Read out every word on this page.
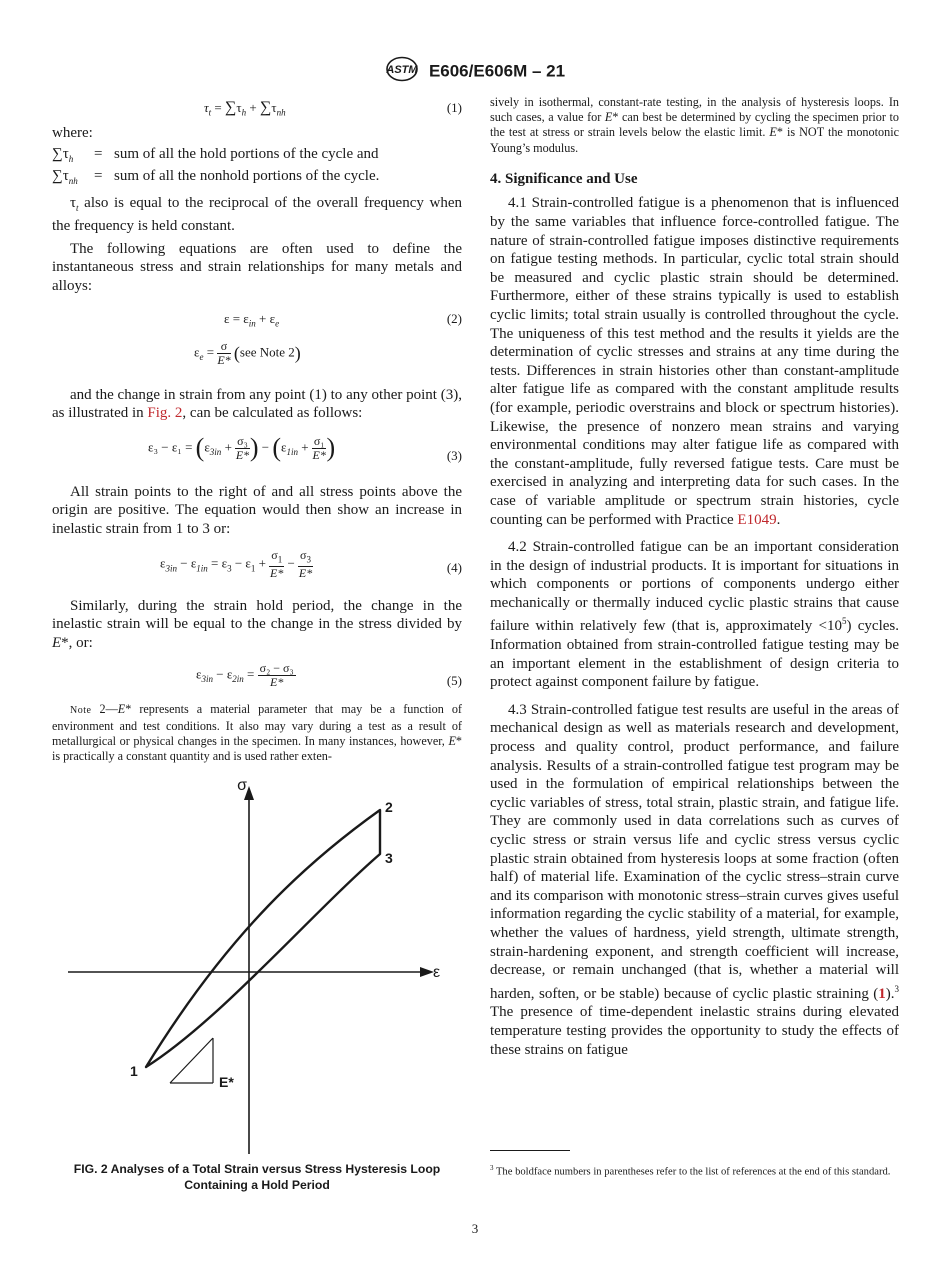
ASTM E606/E606M – 21
$\tau_t = \sum\tau_h + \sum\tau_{nh}$	(1)

where:

$\sum\tau_h$	=	sum of all the hold portions of the cycle and
$\sum\tau_{nh}$	=	sum of all the nonhold portions of the cycle.

$\tau_t$ also is equal to the reciprocal of the overall frequency when the frequency is held constant.

The following equations are often used to define the instantaneous stress and strain relationships for many metals and alloys:

$\varepsilon = \varepsilon_{in} + \varepsilon_e$	(2)
$\varepsilon_e = \frac{\sigma}{E*} (see$ Note 2)

and the change in strain from any point (1) to any other point (3), as illustrated in Fig. 2, can be calculated as follows:

$\varepsilon_3 - \varepsilon_1 = (\varepsilon_{3in} + \frac{\text{σ₃}}{E*}$ ) − ($\varepsilon_{1in} + \frac{\text{σ₁}}{E*}$ )	(3)

All strain points to the right of and all stress points above the origin are positive. The equation would then show an increase in inelastic strain from 1 to 3 or:

$\varepsilon_{3in} - \varepsilon_{1in} = \varepsilon_3 - \varepsilon_1 + \frac{\sigma_1}{E*} - \frac{\sigma_3}{E*}$	(4)

Similarly, during the strain hold period, the change in the inelastic strain will be equal to the change in the stress divided by E*, or:

$\varepsilon_{3in} - \varepsilon_{2in} = \frac{\text{σ₂ − σ₃}}{E*}$	(5)

Note 2—E* represents a material parameter that may be a function of environment and test conditions. It also may vary during a test as a result of metallurgical or physical changes in the specimen. In many instances, however, E* is practically a constant quantity and is used rather exten-

σ
ε
2
3
1
E*
FIG. 2 Analyses of a Total Strain versus Stress Hysteresis Loop
Containing a Hold Period

sively in isothermal, constant-rate testing, in the analysis of hysteresis loops. In such cases, a value for E* can best be determined by cycling the specimen prior to the test at stress or strain levels below the elastic limit. E* is NOT the monotonic Young’s modulus.

4. Significance and Use

4.1 Strain-controlled fatigue is a phenomenon that is influenced by the same variables that influence force-controlled fatigue. The nature of strain-controlled fatigue imposes distinctive requirements on fatigue testing methods. In particular, cyclic total strain should be measured and cyclic plastic strain should be determined. Furthermore, either of these strains typically is used to establish cyclic limits; total strain usually is controlled throughout the cycle. The uniqueness of this test method and the results it yields are the determination of cyclic stresses and strains at any time during the tests. Differences in strain histories other than constant-amplitude alter fatigue life as compared with the constant amplitude results (for example, periodic overstrains and block or spectrum histories). Likewise, the presence of nonzero mean strains and varying environmental conditions may alter fatigue life as compared with the constant-amplitude, fully reversed fatigue tests. Care must be exercised in analyzing and interpreting data for such cases. In the case of variable amplitude or spectrum strain histories, cycle counting can be performed with Practice E1049.

4.2 Strain-controlled fatigue can be an important consideration in the design of industrial products. It is important for situations in which components or portions of components undergo either mechanically or thermally induced cyclic plastic strains that cause failure within relatively few (that is, approximately $<10^5$) cycles. Information obtained from strain-controlled fatigue testing may be an important element in the establishment of design criteria to protect against component failure by fatigue.

4.3 Strain-controlled fatigue test results are useful in the areas of mechanical design as well as materials research and development, process and quality control, product performance, and failure analysis. Results of a strain-controlled fatigue test program may be used in the formulation of empirical relationships between the cyclic variables of stress, total strain, plastic strain, and fatigue life. They are commonly used in data correlations such as curves of cyclic stress or strain versus life and cyclic stress versus cyclic plastic strain obtained from hysteresis loops at some fraction (often half) of material life. Examination of the cyclic stress–strain curve and its comparison with monotonic stress–strain curves gives useful information regarding the cyclic stability of a material, for example, whether the values of hardness, yield strength, ultimate strength, strain-hardening exponent, and strength coefficient will increase, decrease, or remain unchanged (that is, whether a material will harden, soften, or be stable) because of cyclic plastic straining (1).$^3$ The presence of time-dependent inelastic strains during elevated temperature testing provides the opportunity to study the effects of these strains on fatigue

$^3$ The boldface numbers in parentheses refer to the list of references at the end of this standard.
3
